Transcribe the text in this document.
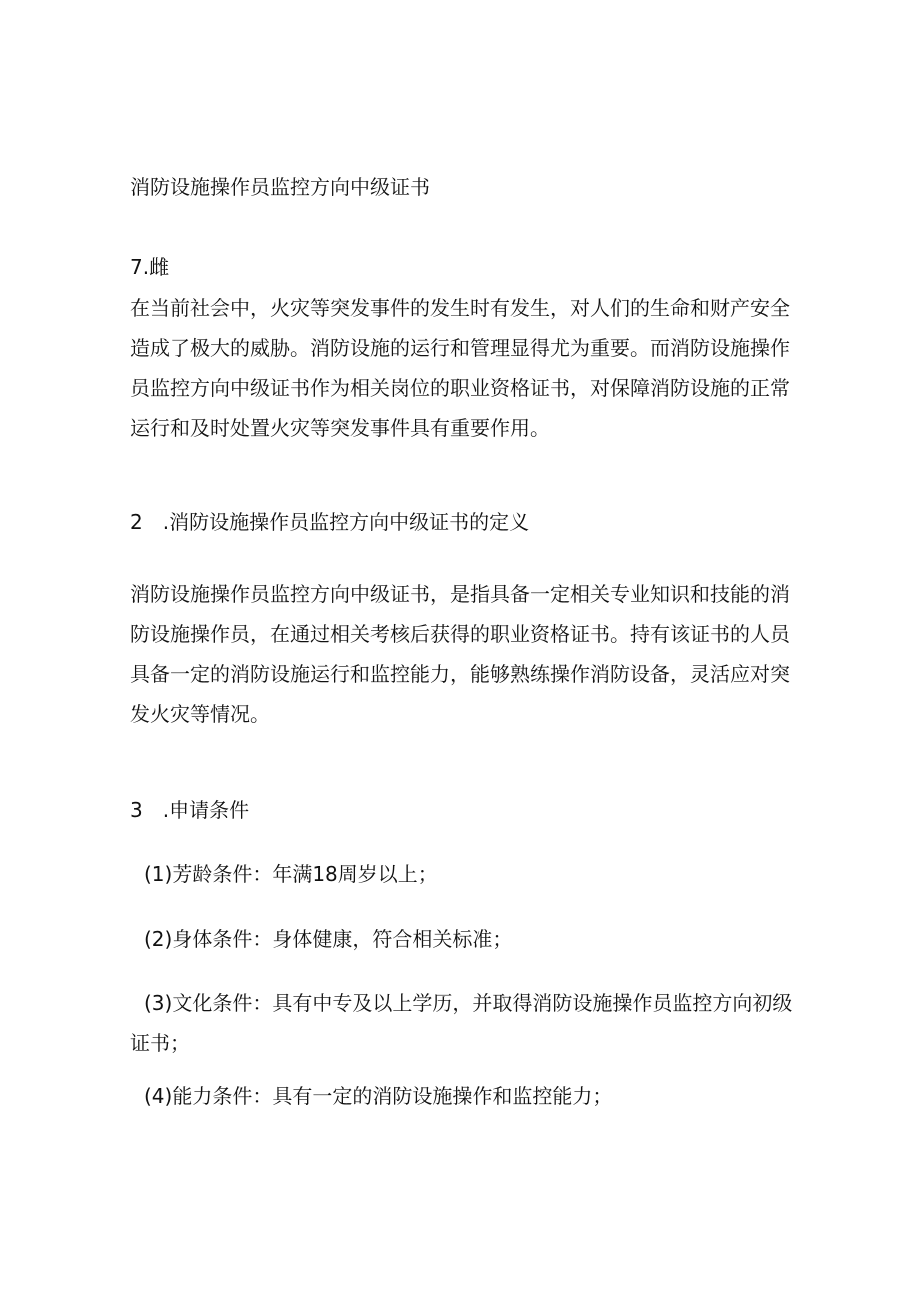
消防设施操作员监控方向中级证书

7.雌

在当前社会中，火灾等突发事件的发生时有发生，对人们的生命和财产安全造成了极大的威胁。消防设施的运行和管理显得尤为重要。而消防设施操作员监控方向中级证书作为相关岗位的职业资格证书，对保障消防设施的正常运行和及时处置火灾等突发事件具有重要作用。

2　.消防设施操作员监控方向中级证书的定义

消防设施操作员监控方向中级证书，是指具备一定相关专业知识和技能的消防设施操作员，在通过相关考核后获得的职业资格证书。持有该证书的人员具备一定的消防设施运行和监控能力，能够熟练操作消防设备，灵活应对突发火灾等情况。

3　.申请条件

(1)芳龄条件：年满18周岁以上；

(2)身体条件：身体健康，符合相关标准；

(3)文化条件：具有中专及以上学历，并取得消防设施操作员监控方向初级证书；

(4)能力条件：具有一定的消防设施操作和监控能力；
